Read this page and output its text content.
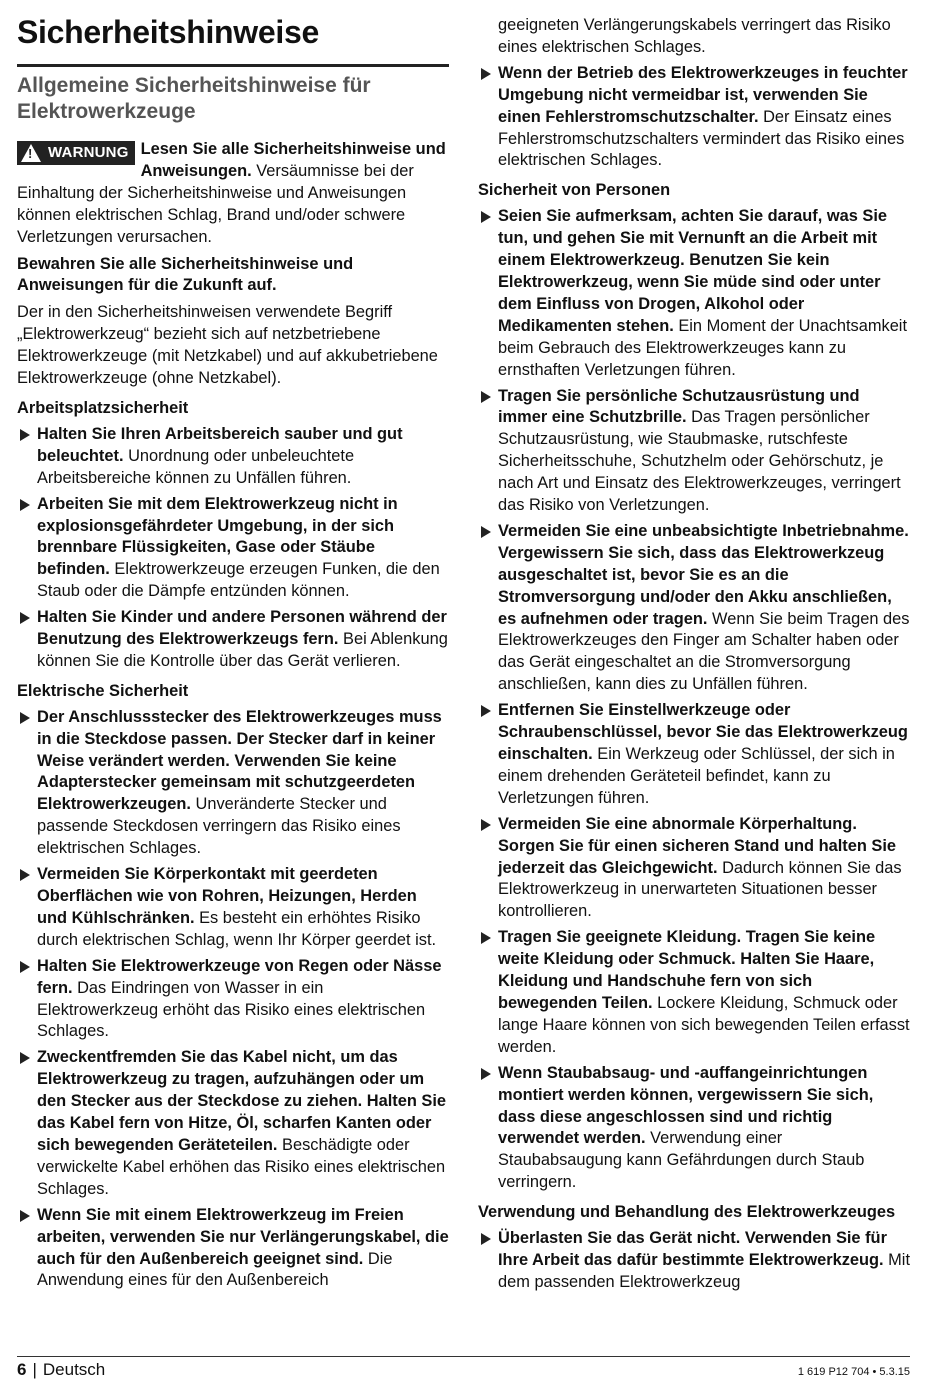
Sicherheitshinweise
Allgemeine Sicherheitshinweise für Elektrowerkzeuge
!
WARNUNG Lesen Sie alle Sicherheitshinweise und Anweisungen. Versäumnisse bei der Einhaltung der Sicherheitshinweise und Anweisungen können elektrischen Schlag, Brand und/oder schwere Verletzungen verursachen.

Bewahren Sie alle Sicherheitshinweise und Anweisungen für die Zukunft auf.

Der in den Sicherheitshinweisen verwendete Begriff „Elektrowerkzeug“ bezieht sich auf netzbetriebene Elektrowerkzeuge (mit Netzkabel) und auf akkubetriebene Elektrowerkzeuge (ohne Netzkabel).

Arbeitsplatzsicherheit
Halten Sie Ihren Arbeitsbereich sauber und gut beleuchtet. Unordnung oder unbeleuchtete Arbeitsbereiche können zu Unfällen führen.
Arbeiten Sie mit dem Elektrowerkzeug nicht in explosionsgefährdeter Umgebung, in der sich brennbare Flüssigkeiten, Gase oder Stäube befinden. Elektrowerkzeuge erzeugen Funken, die den Staub oder die Dämpfe entzünden können.
Halten Sie Kinder und andere Personen während der Benutzung des Elektrowerkzeugs fern. Bei Ablenkung können Sie die Kontrolle über das Gerät verlieren.
Elektrische Sicherheit
Der Anschlussstecker des Elektrowerkzeuges muss in die Steckdose passen. Der Stecker darf in keiner Weise verändert werden. Verwenden Sie keine Adapterstecker gemeinsam mit schutzgeerdeten Elektrowerkzeugen. Unveränderte Stecker und passende Steckdosen verringern das Risiko eines elektrischen Schlages.
Vermeiden Sie Körperkontakt mit geerdeten Oberflächen wie von Rohren, Heizungen, Herden und Kühlschränken. Es besteht ein erhöhtes Risiko durch elektrischen Schlag, wenn Ihr Körper geerdet ist.
Halten Sie Elektrowerkzeuge von Regen oder Nässe fern. Das Eindringen von Wasser in ein Elektrowerkzeug erhöht das Risiko eines elektrischen Schlages.
Zweckentfremden Sie das Kabel nicht, um das Elektrowerkzeug zu tragen, aufzuhängen oder um den Stecker aus der Steckdose zu ziehen. Halten Sie das Kabel fern von Hitze, Öl, scharfen Kanten oder sich bewegenden Geräteteilen. Beschädigte oder verwickelte Kabel erhöhen das Risiko eines elektrischen Schlages.
Wenn Sie mit einem Elektrowerkzeug im Freien arbeiten, verwenden Sie nur Verlängerungskabel, die auch für den Außenbereich geeignet sind. Die Anwendung eines für den Außenbereich
geeigneten Verlängerungskabels verringert das Risiko eines elektrischen Schlages.
Wenn der Betrieb des Elektrowerkzeuges in feuchter Umgebung nicht vermeidbar ist, verwenden Sie einen Fehlerstromschutzschalter. Der Einsatz eines Fehlerstromschutzschalters vermindert das Risiko eines elektrischen Schlages.
Sicherheit von Personen
Seien Sie aufmerksam, achten Sie darauf, was Sie tun, und gehen Sie mit Vernunft an die Arbeit mit einem Elektrowerkzeug. Benutzen Sie kein Elektrowerkzeug, wenn Sie müde sind oder unter dem Einfluss von Drogen, Alkohol oder Medikamenten stehen. Ein Moment der Unachtsamkeit beim Gebrauch des Elektrowerkzeuges kann zu ernsthaften Verletzungen führen.
Tragen Sie persönliche Schutzausrüstung und immer eine Schutzbrille. Das Tragen persönlicher Schutzausrüstung, wie Staubmaske, rutschfeste Sicherheitsschuhe, Schutzhelm oder Gehörschutz, je nach Art und Einsatz des Elektrowerkzeuges, verringert das Risiko von Verletzungen.
Vermeiden Sie eine unbeabsichtigte Inbetriebnahme. Vergewissern Sie sich, dass das Elektrowerkzeug ausgeschaltet ist, bevor Sie es an die Stromversorgung und/oder den Akku anschließen, es aufnehmen oder tragen. Wenn Sie beim Tragen des Elektrowerkzeuges den Finger am Schalter haben oder das Gerät eingeschaltet an die Stromversorgung anschließen, kann dies zu Unfällen führen.
Entfernen Sie Einstellwerkzeuge oder Schraubenschlüssel, bevor Sie das Elektrowerkzeug einschalten. Ein Werkzeug oder Schlüssel, der sich in einem drehenden Geräteteil befindet, kann zu Verletzungen führen.
Vermeiden Sie eine abnormale Körperhaltung. Sorgen Sie für einen sicheren Stand und halten Sie jederzeit das Gleichgewicht. Dadurch können Sie das Elektrowerkzeug in unerwarteten Situationen besser kontrollieren.
Tragen Sie geeignete Kleidung. Tragen Sie keine weite Kleidung oder Schmuck. Halten Sie Haare, Kleidung und Handschuhe fern von sich bewegenden Teilen. Lockere Kleidung, Schmuck oder lange Haare können von sich bewegenden Teilen erfasst werden.
Wenn Staubabsaug- und -auffangeinrichtungen montiert werden können, vergewissern Sie sich, dass diese angeschlossen sind und richtig verwendet werden. Verwendung einer Staubabsaugung kann Gefährdungen durch Staub verringern.
Verwendung und Behandlung des Elektrowerkzeuges
Überlasten Sie das Gerät nicht. Verwenden Sie für Ihre Arbeit das dafür bestimmte Elektrowerkzeug. Mit dem passenden Elektrowerkzeug
6 | Deutsch	1 619 P12 704 • 5.3.15
